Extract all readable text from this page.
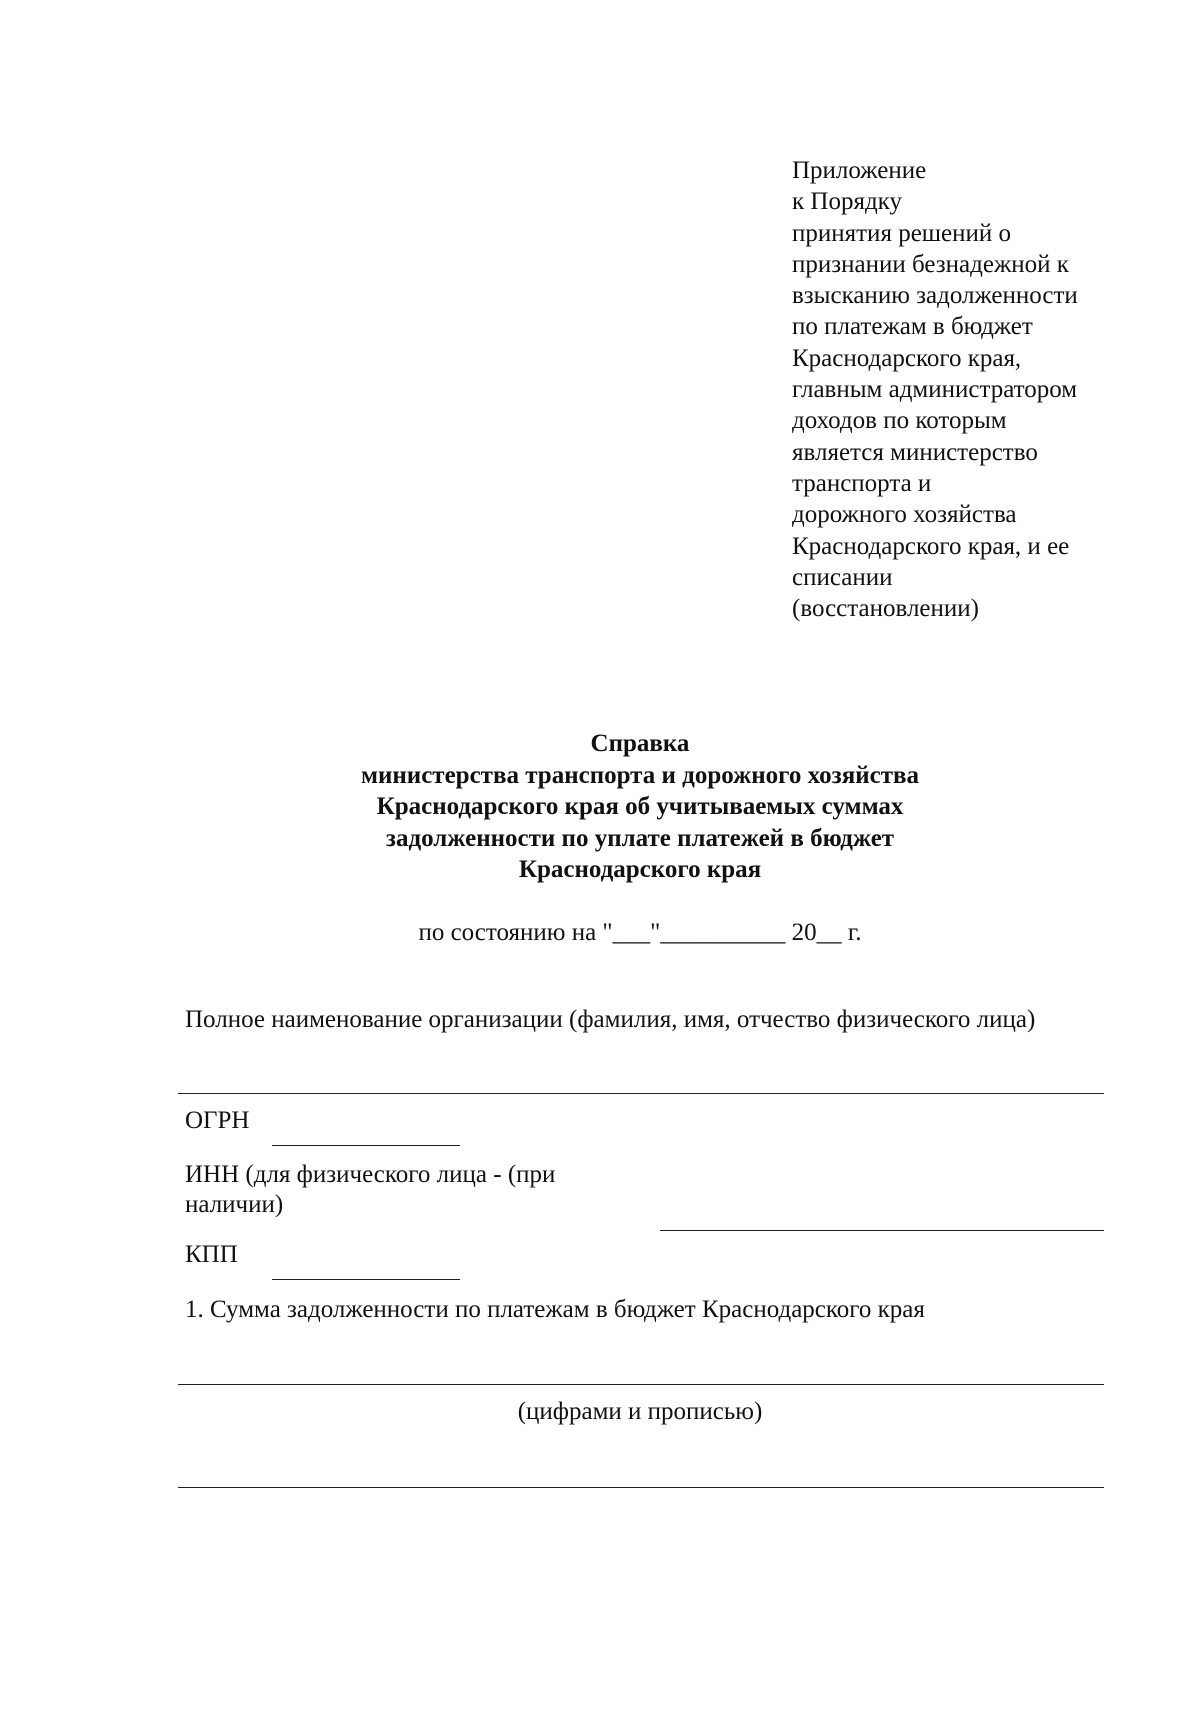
Приложение
к Порядку
принятия решений о
признании безнадежной к
взысканию задолженности
по платежам в бюджет
Краснодарского края,
главным администратором
доходов по которым
является министерство
транспорта и
дорожного хозяйства
Краснодарского края, и ее
списании
(восстановлении)
Справка
министерства транспорта и дорожного хозяйства
Краснодарского края об учитываемых суммах
задолженности по уплате платежей в бюджет
Краснодарского края
по состоянию на "___"__________ 20__ г.
Полное наименование организации (фамилия, имя, отчество физического лица)
ОГРН
ИНН (для физического лица - (при
наличии)
КПП
1. Сумма задолженности по платежам в бюджет Краснодарского края
(цифрами и прописью)
